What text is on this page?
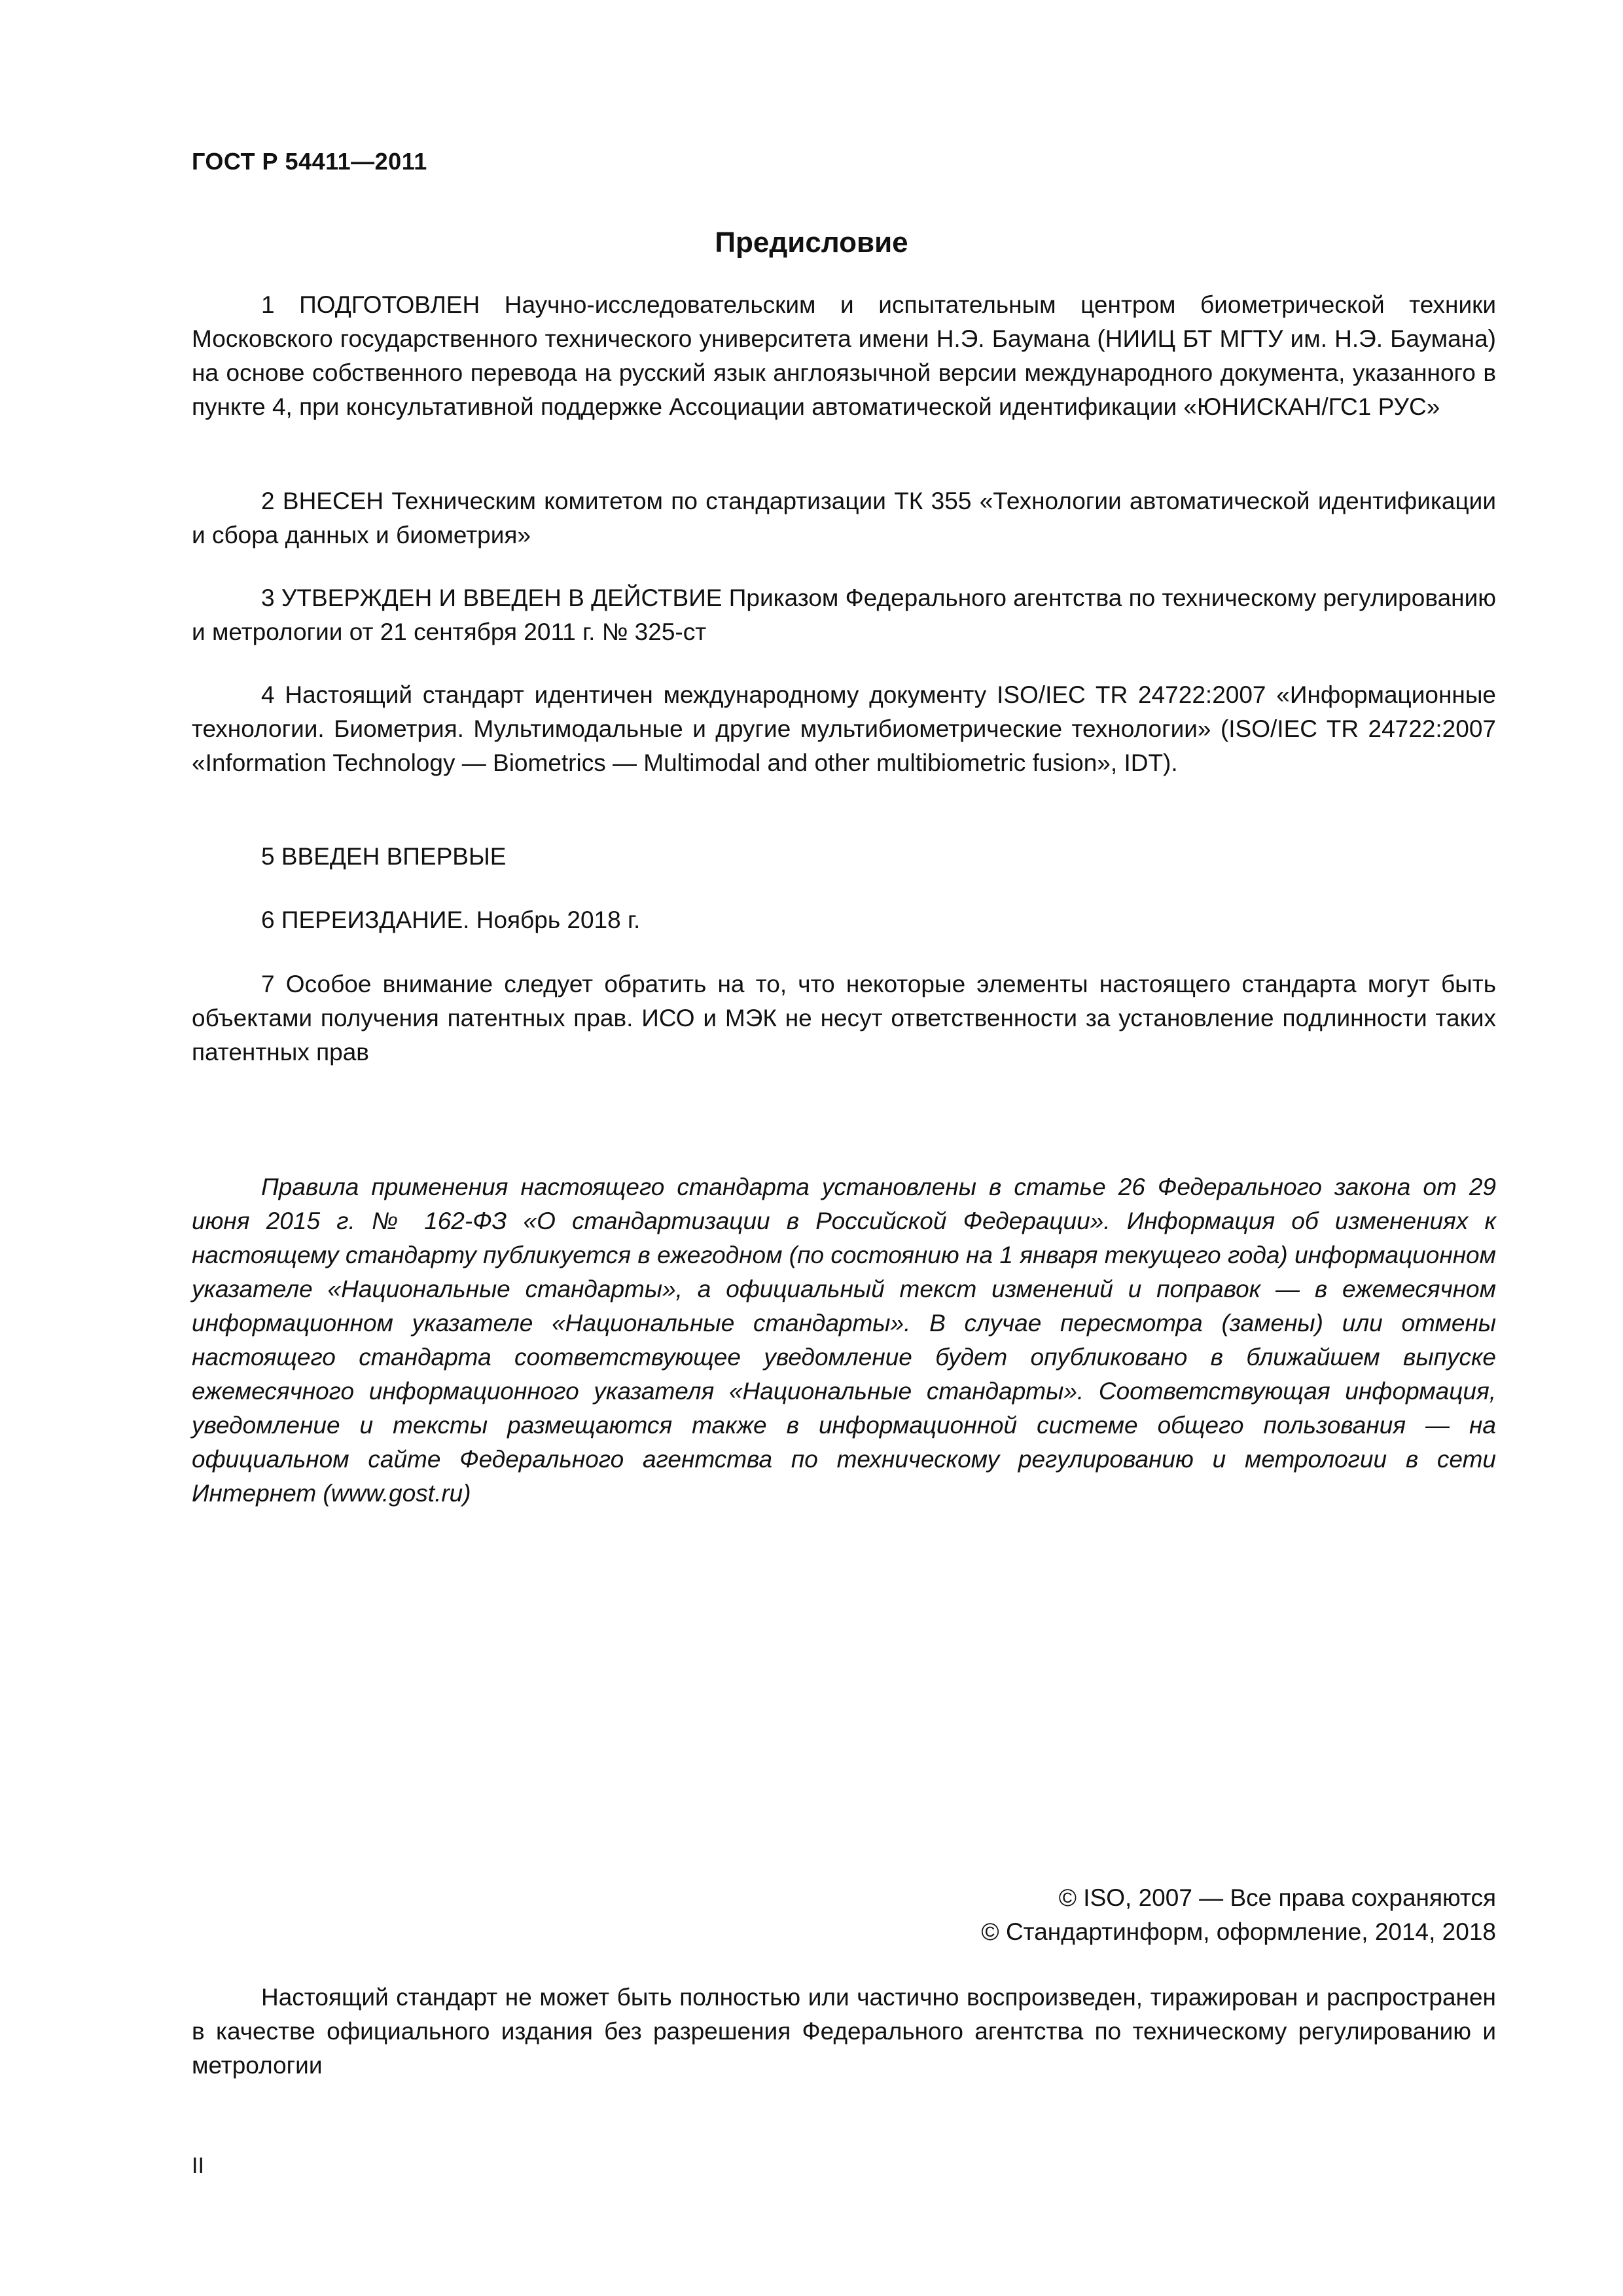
ГОСТ Р 54411—2011
Предисловие

1 ПОДГОТОВЛЕН Научно-исследовательским и испытательным центром биометрической техники Московского государственного технического университета имени Н.Э. Баумана (НИИЦ БТ МГТУ им. Н.Э. Баумана) на основе собственного перевода на русский язык англоязычной версии международного документа, указанного в пункте 4, при консультативной поддержке Ассоциации автоматической идентификации «ЮНИСКАН/ГС1 РУС»

2 ВНЕСЕН Техническим комитетом по стандартизации ТК 355 «Технологии автоматической идентификации и сбора данных и биометрия»

3 УТВЕРЖДЕН И ВВЕДЕН В ДЕЙСТВИЕ Приказом Федерального агентства по техническому регулированию и метрологии от 21 сентября 2011 г. № 325-ст

4 Настоящий стандарт идентичен международному документу ISO/IEC TR 24722:2007 «Информационные технологии. Биометрия. Мультимодальные и другие мультибиометрические технологии» (ISO/IEC TR 24722:2007 «Information Technology — Biometrics — Multimodal and other multibiometric fusion», IDT).

5 ВВЕДЕН ВПЕРВЫЕ

6 ПЕРЕИЗДАНИЕ. Ноябрь 2018 г.

7 Особое внимание следует обратить на то, что некоторые элементы настоящего стандарта могут быть объектами получения патентных прав. ИСО и МЭК не несут ответственности за установление подлинности таких патентных прав

Правила применения настоящего стандарта установлены в статье 26 Федерального закона от 29 июня 2015 г. № 162-ФЗ «О стандартизации в Российской Федерации». Информация об изменениях к настоящему стандарту публикуется в ежегодном (по состоянию на 1 января текущего года) информационном указателе «Национальные стандарты», а официальный текст изменений и поправок — в ежемесячном информационном указателе «Национальные стандарты». В случае пересмотра (замены) или отмены настоящего стандарта соответствующее уведомление будет опубликовано в ближайшем выпуске ежемесячного информационного указателя «Национальные стандарты». Соответствующая информация, уведомление и тексты размещаются также в информационной системе общего пользования — на официальном сайте Федерального агентства по техническому регулированию и метрологии в сети Интернет (www.gost.ru)

© ISO, 2007 — Все права сохраняются
© Стандартинформ, оформление, 2014, 2018

Настоящий стандарт не может быть полностью или частично воспроизведен, тиражирован и распространен в качестве официального издания без разрешения Федерального агентства по техническому регулированию и метрологии

II
